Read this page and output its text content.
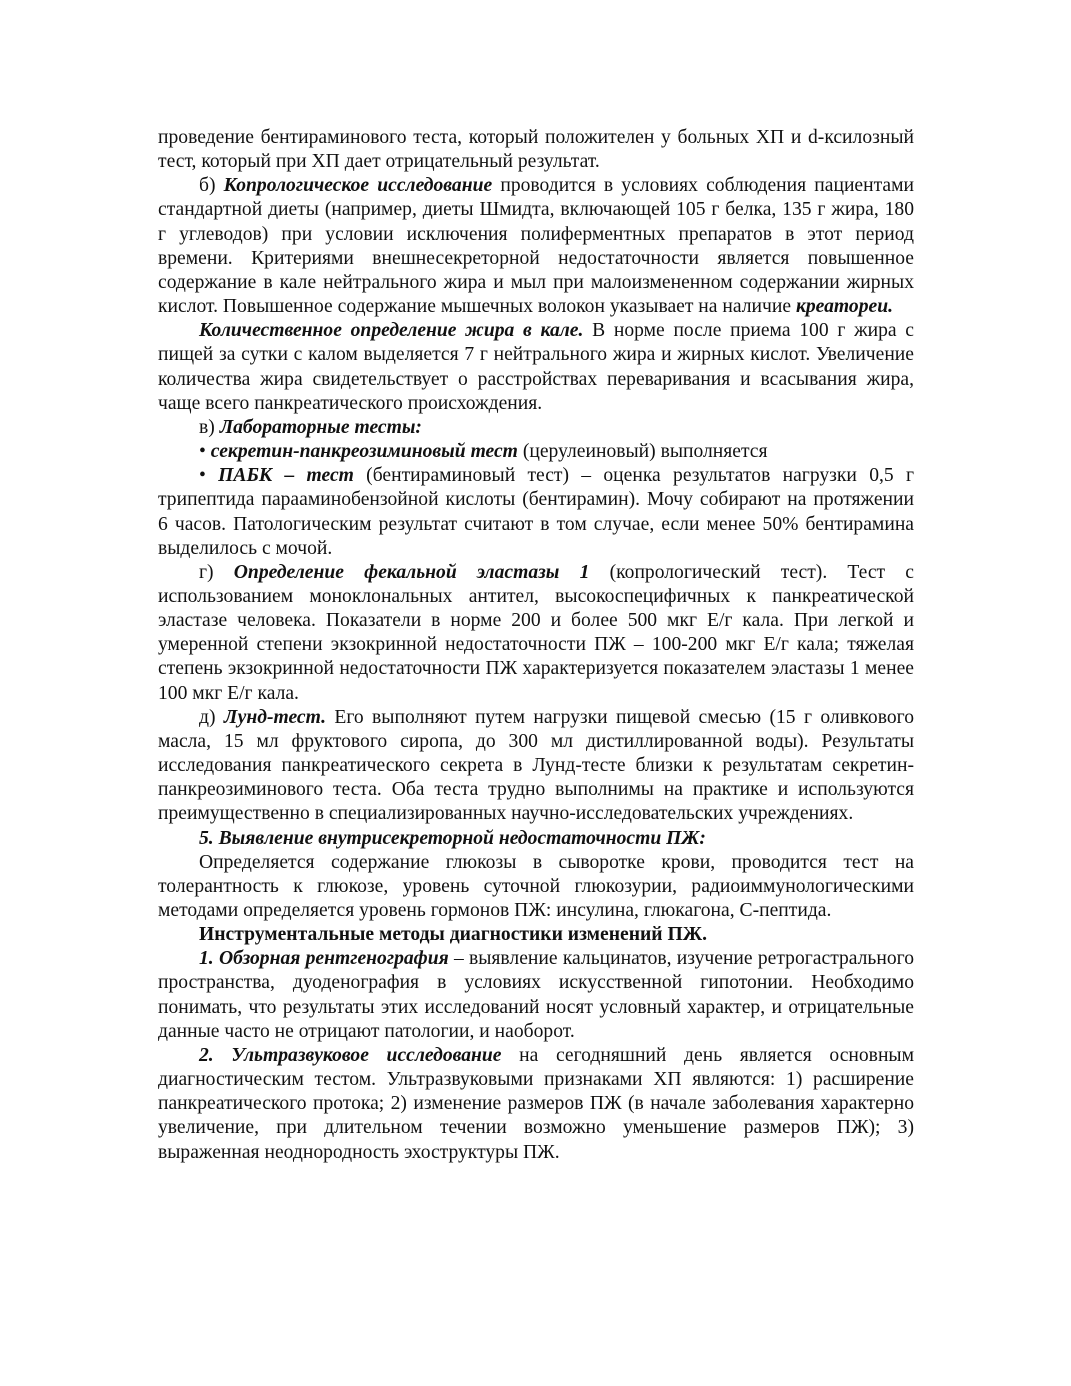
проведение бентираминового теста, который положителен у больных ХП и d-ксилозный тест, который при ХП дает отрицательный результат.

б) Копрологическое исследование проводится в условиях соблюдения пациентами стандартной диеты (например, диеты Шмидта, включающей 105 г белка, 135 г жира, 180 г углеводов) при условии исключения полиферментных препаратов в этот период времени. Критериями внешнесекреторной недостаточности является повышенное содержание в кале нейтрального жира и мыл при малоизмененном содержании жирных кислот. Повышенное содержание мышечных волокон указывает на наличие креатореи.

Количественное определение жира в кале. В норме после приема 100 г жира с пищей за сутки с калом выделяется 7 г нейтрального жира и жирных кислот. Увеличение количества жира свидетельствует о расстройствах переваривания и всасывания жира, чаще всего панкреатического происхождения.

в) Лабораторные тесты:

• секретин-панкреозиминовый тест (церулеиновый) выполняется

• ПАБК – тест (бентираминовый тест) – оценка результатов нагрузки 0,5 г трипептида парааминобензойной кислоты (бентирамин). Мочу собирают на протяжении 6 часов. Патологическим результат считают в том случае, если менее 50% бентирамина выделилось с мочой.

г) Определение фекальной эластазы 1 (копрологический тест). Тест с использованием моноклональных антител, высокоспецифичных к панкреатической эластазе человека. Показатели в норме 200 и более 500 мкг Е/г кала. При легкой и умеренной степени экзокринной недостаточности ПЖ – 100-200 мкг Е/г кала; тяжелая степень экзокринной недостаточности ПЖ характеризуется показателем эластазы 1 менее 100 мкг Е/г кала.

д) Лунд-тест. Его выполняют путем нагрузки пищевой смесью (15 г оливкового масла, 15 мл фруктового сиропа, до 300 мл дистиллированной воды). Результаты исследования панкреатического секрета в Лунд-тесте близки к результатам секретин-панкреозиминового теста. Оба теста трудно выполнимы на практике и используются преимущественно в специализированных научно-исследовательских учреждениях.

5. Выявление внутрисекреторной недостаточности ПЖ:

Определяется содержание глюкозы в сыворотке крови, проводится тест на толерантность к глюкозе, уровень суточной глюкозурии, радиоиммунологическими методами определяется уровень гормонов ПЖ: инсулина, глюкагона, С-пептида.

Инструментальные методы диагностики изменений ПЖ.

1. Обзорная рентгенография – выявление кальцинатов, изучение ретрогастрального пространства, дуоденография в условиях искусственной гипотонии. Необходимо понимать, что результаты этих исследований носят условный характер, и отрицательные данные часто не отрицают патологии, и наоборот.

2. Ультразвуковое исследование на сегодняшний день является основным диагностическим тестом. Ультразвуковыми признаками ХП являются: 1) расширение панкреатического протока; 2) изменение размеров ПЖ (в начале заболевания характерно увеличение, при длительном течении возможно уменьшение размеров ПЖ); 3) выраженная неоднородность эхоструктуры ПЖ.
